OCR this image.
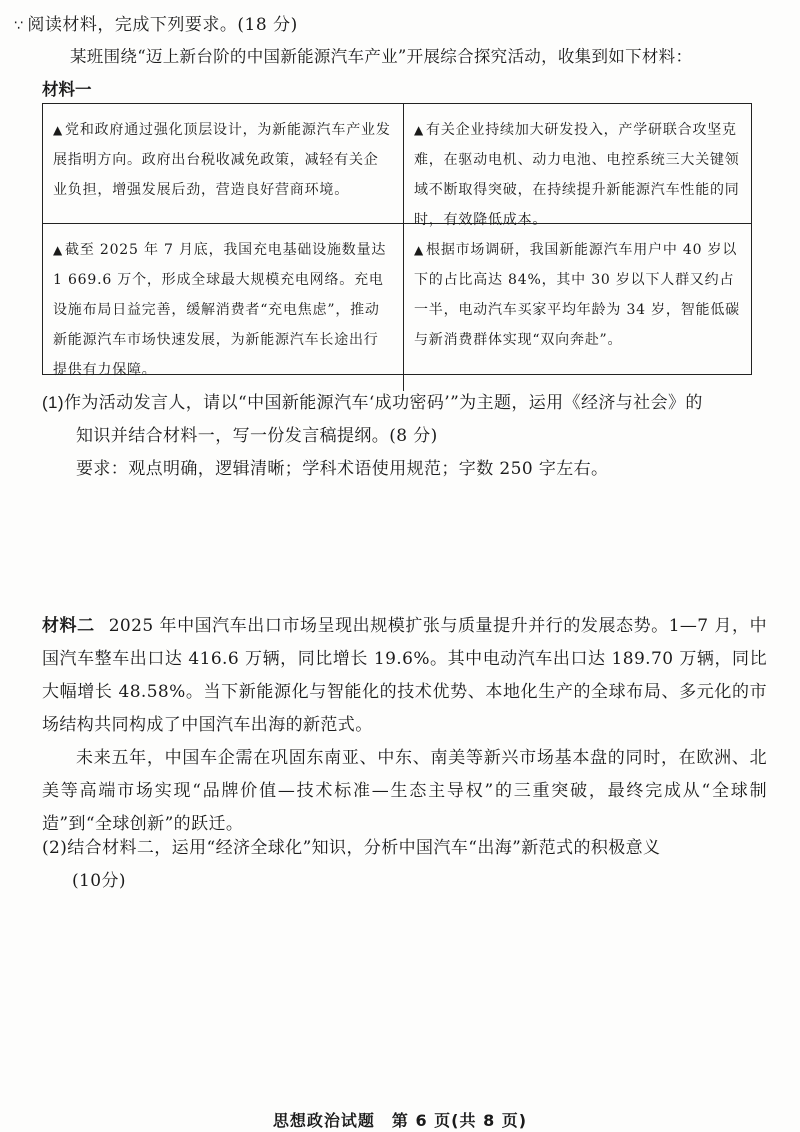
∵ 阅读材料，完成下列要求。(18 分)
某班围绕“迈上新台阶的中国新能源汽车产业”开展综合探究活动，收集到如下材料：
材料一
▲ 党和政府通过强化顶层设计，为新能源汽车产业发展指明方向。政府出台税收减免政策，减轻有关企业负担，增强发展后劲，营造良好营商环境。
▲ 有关企业持续加大研发投入，产学研联合攻坚克难，在驱动电机、动力电池、电控系统三大关键领域不断取得突破，在持续提升新能源汽车性能的同时，有效降低成本。
▲ 截至 2025 年 7 月底，我国充电基础设施数量达 1 669.6 万个，形成全球最大规模充电网络。充电设施布局日益完善，缓解消费者“充电焦虑”，推动新能源汽车市场快速发展，为新能源汽车长途出行提供有力保障。
▲ 根据市场调研，我国新能源汽车用户中 40 岁以下的占比高达 84%，其中 30 岁以下人群又约占一半，电动汽车买家平均年龄为 34 岁，智能低碳与新消费群体实现“双向奔赴”。
(1)作为活动发言人，请以“中国新能源汽车‘成功密码’”为主题，运用《经济与社会》的
知识并结合材料一，写一份发言稿提纲。(8 分)
要求：观点明确，逻辑清晰；学科术语使用规范；字数 250 字左右。

材料二 2025 年中国汽车出口市场呈现出规模扩张与质量提升并行的发展态势。1—7 月，中国汽车整车出口达 416.6 万辆，同比增长 19.6%。其中电动汽车出口达 189.70 万辆，同比大幅增长 48.58%。当下新能源化与智能化的技术优势、本地化生产的全球布局、多元化的市场结构共同构成了中国汽车出海的新范式。

未来五年，中国车企需在巩固东南亚、中东、南美等新兴市场基本盘的同时，在欧洲、北美等高端市场实现“品牌价值—技术标准—生态主导权”的三重突破，最终完成从“全球制造”到“全球创新”的跃迁。

(2)结合材料二，运用“经济全球化”知识，分析中国汽车“出海”新范式的积极意义
(10分)
思想政治试题　第 6 页(共 8 页)
